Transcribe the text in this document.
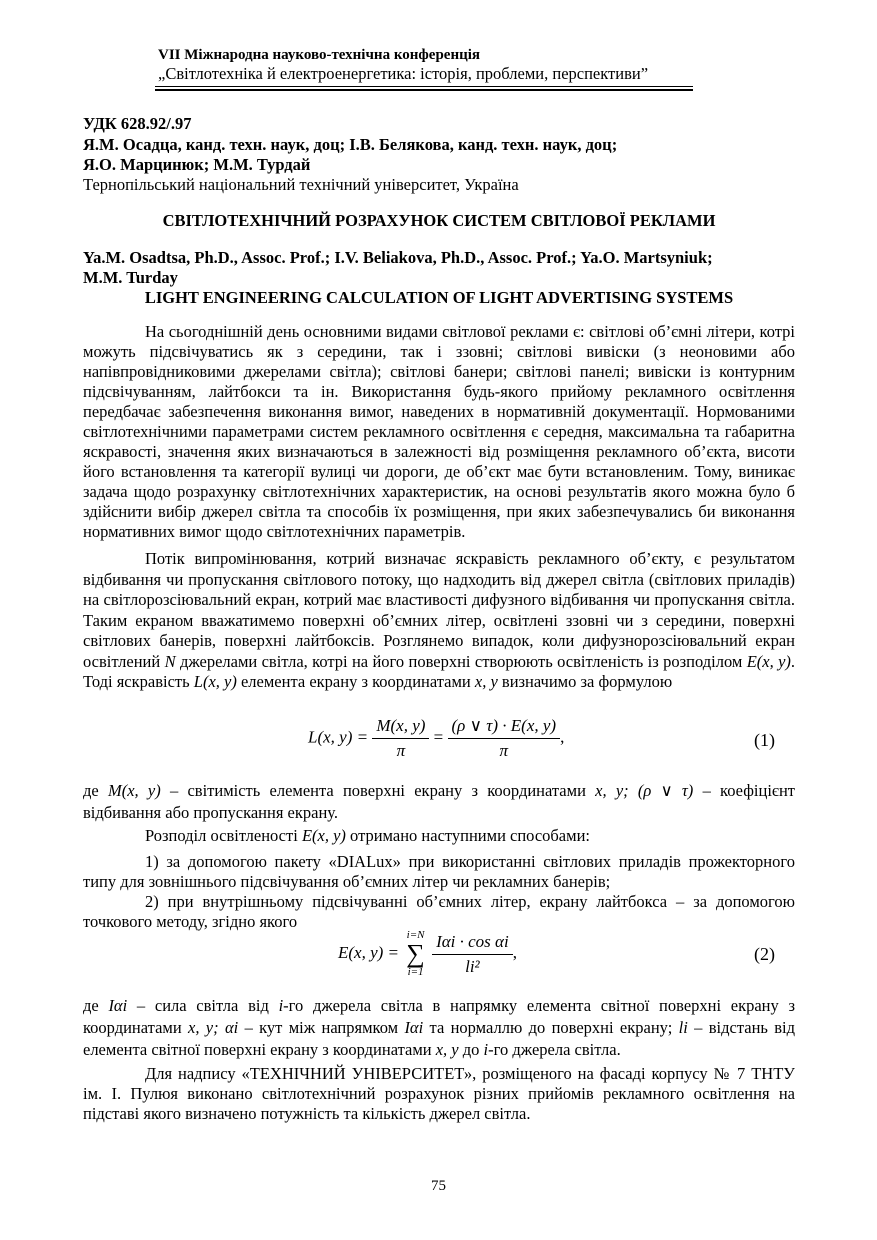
VII Міжнародна науково-технічна конференція
„Світлотехніка й електроенергетика: історія, проблеми, перспективи”
УДК 628.92/.97
Я.М. Осадца, канд. техн. наук, доц; І.В. Белякова, канд. техн. наук, доц;
Я.О. Марцинюк; М.М. Турдай
Тернопільський національний технічний університет, Україна
СВІТЛОТЕХНІЧНИЙ РОЗРАХУНОК СИСТЕМ СВІТЛОВОЇ РЕКЛАМИ
Ya.M. Osadtsa, Ph.D., Assoc. Prof.; I.V. Beliakova, Ph.D., Assoc. Prof.; Ya.O. Martsyniuk;
M.M. Turday
LIGHT ENGINEERING CALCULATION OF LIGHT ADVERTISING SYSTEMS
На сьогоднішній день основними видами світлової реклами є: світлові об’ємні літери, котрі можуть підсвічуватись як з середини, так і ззовні; світлові вивіски (з неоновими або напівпровідниковими джерелами світла); світлові банери; світлові панелі; вивіски із контурним підсвічуванням, лайтбокси та ін. Використання будь-якого прийому рекламного освітлення передбачає забезпечення виконання вимог, наведених в нормативній документації. Нормованими світлотехнічними параметрами систем рекламного освітлення є середня, максимальна та габаритна яскравості, значення яких визначаються в залежності від розміщення рекламного об’єкта, висоти його встановлення та категорії вулиці чи дороги, де об’єкт має бути встановленим. Тому, виникає задача щодо розрахунку світлотехнічних характеристик, на основі результатів якого можна було б здійснити вибір джерел світла та способів їх розміщення, при яких забезпечувались би виконання нормативних вимог щодо світлотехнічних параметрів.
Потік випромінювання, котрий визначає яскравість рекламного об’єкту, є результатом відбивання чи пропускання світлового потоку, що надходить від джерел світла (світлових приладів) на світлорозсіювальний екран, котрий має властивості дифузного відбивання чи пропускання світла. Таким екраном вважатимемо поверхні об’ємних літер, освітлені ззовні чи з середини, поверхні світлових банерів, поверхні лайтбоксів. Розглянемо випадок, коли дифузнорозсіювальний екран освітлений N джерелами світла, котрі на його поверхні створюють освітленість із розподілом E(x, y). Тоді яскравість L(x, y) елемента екрану з координатами x, y визначимо за формулою
L(x, $y) = \frac{M(x, y)}{\pi} = \frac{(\rho \vee \tau) \cdot E(x, y)}{\pi}$ ,	(1)
де M(x, y) – світимість елемента поверхні екрану з координатами x, y; (ρ ∨ τ) – коефіцієнт відбивання або пропускання екрану.
Розподіл освітленості E(x, y) отримано наступними способами:
1) за допомогою пакету «DIALux» при використанні світлових приладів прожекторного типу для зовнішнього підсвічування об’ємних літер чи рекламних банерів;
2) при внутрішньому підсвічуванні об’ємних літер, екрану лайтбокса – за допомогою точкового методу, згідно якого
E(x, y) =
i=N
∑
i=1
$\frac{\text{Iαi · cos αi}}{\text{li²}}$ ,	(2)
де Iαi – сила світла від i-го джерела світла в напрямку елемента світної поверхні екрану з координатами x, y; αi – кут між напрямком Iαi та нормаллю до поверхні екрану; li – відстань від елемента світної поверхні екрану з координатами x, y до i-го джерела світла.
Для надпису «ТЕХНІЧНИЙ УНІВЕРСИТЕТ», розміщеного на фасаді корпусу № 7 ТНТУ ім. І. Пулюя виконано світлотехнічний розрахунок різних прийомів рекламного освітлення на підставі якого визначено потужність та кількість джерел світла.
75
